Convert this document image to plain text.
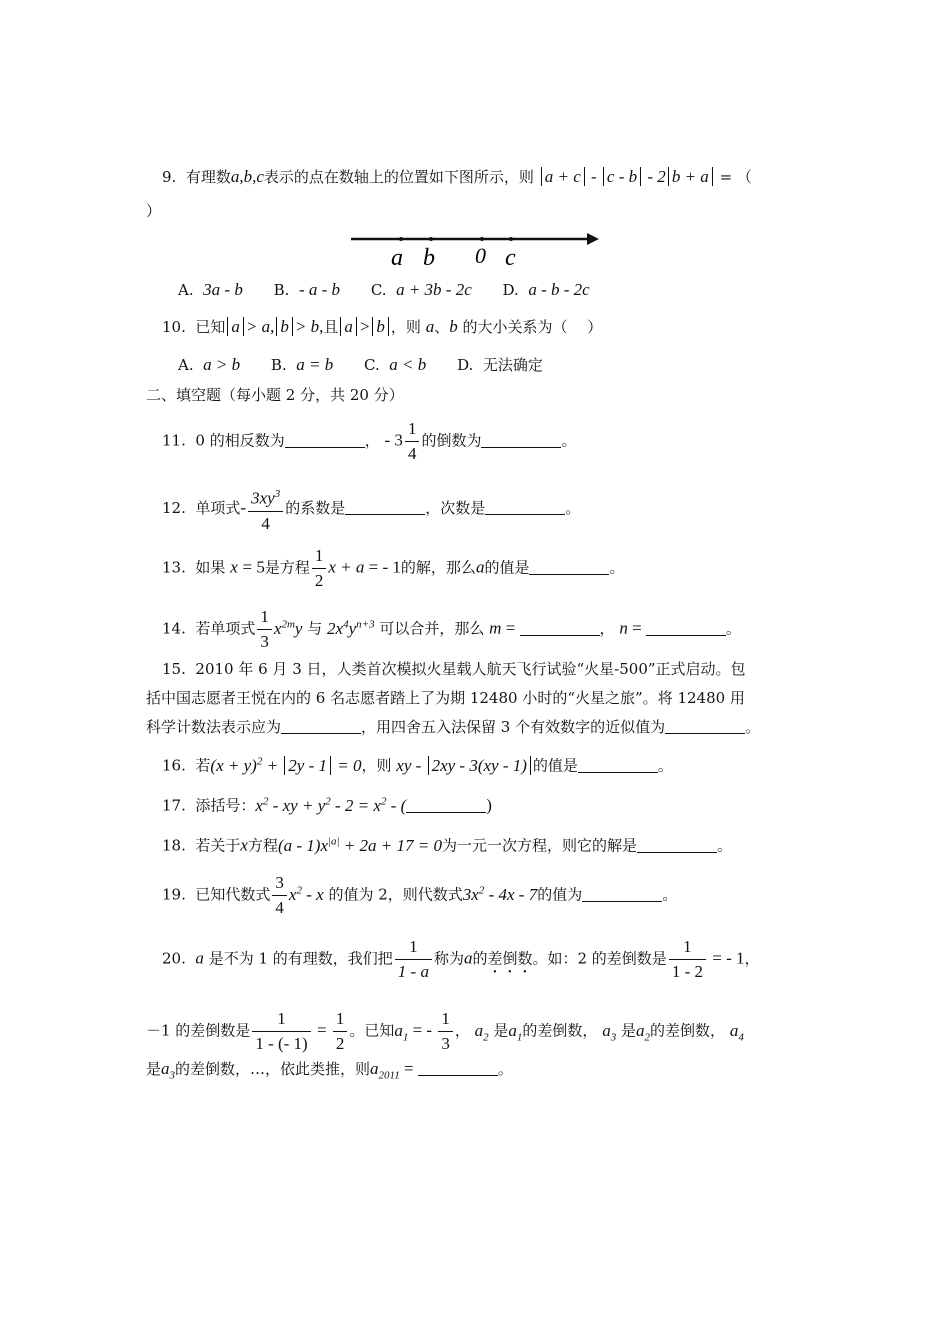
9. 有理数a,b,c表示的点在数轴上的位置如下图所示，则 a + c - c - b - 2 b + a = （
）
a b 0 c
A. 3a - b B. - a - b C. a + 3b - 2c D. a - b - 2c
10. 已知 a > a, b > b,且 a > b ，则 a、b 的大小关系为（　 ）
A. a > b B. a = b C. a < b D. 无法确定
二、填空题（每小题 2 分，共 20 分）
11. 0 的相反数为	， - $3 \frac{1}{4}$ 的倒数为	。
12. 单项式- $\frac{3xy^3}{4}$ 的系数是	，次数是	。
13. 如果 x = 5是方程 $\frac{1}{2}$ x + a = - 1的解，那么a的值是	。
14. 若单项式 $\frac{1}{3} x^{2m}y$ 与 $2x^4y^{n+3}$ 可以合并，那么 m =	， n =	。
15. 2010 年 6 月 3 日，人类首次模拟火星载人航天飞行试验“火星-500”正式启动。包
括中国志愿者王悦在内的 6 名志愿者踏上了为期 12480 小时的“火星之旅”。将 12480 用
科学计数法表示应为	，用四舍五入法保留 3 个有效数字的近似值为	。
16. 若$(x + y)^2 + 2y - 1 = 0$，则 xy - 2xy - 3(xy - 1) 的值是	。
17. 添括号：$x^2$ - xy + $y^2 - 2 = x^2$ - (	)
18. 若关于x方程$(a - 1)x^{|a|} + 2a + 17 = 0$为一元一次方程，则它的解是	。
19. 已知代数式 $\frac{3}{4} x^2$ - x 的值为 2，则代数式$3x^2 - 4x - 7$的值为	。
20. a 是不为 1 的有理数，我们把 $\frac{1}{1 - a}$ 称为a的差倒数。如：2 的差倒数是 $\frac{1}{1 - 2}$ = - 1，
－1 的差倒数是 $\frac{1}{1 - (- 1)} = \frac{1}{2}$ 。已知$a_1$ = - $\frac{1}{3}$ ， $a_2$ 是$a_1$的差倒数， $a_3$ 是$a_2$的差倒数， $a_4$
是$a_3$的差倒数，…，依此类推，则$a_{2011}$ =	。
